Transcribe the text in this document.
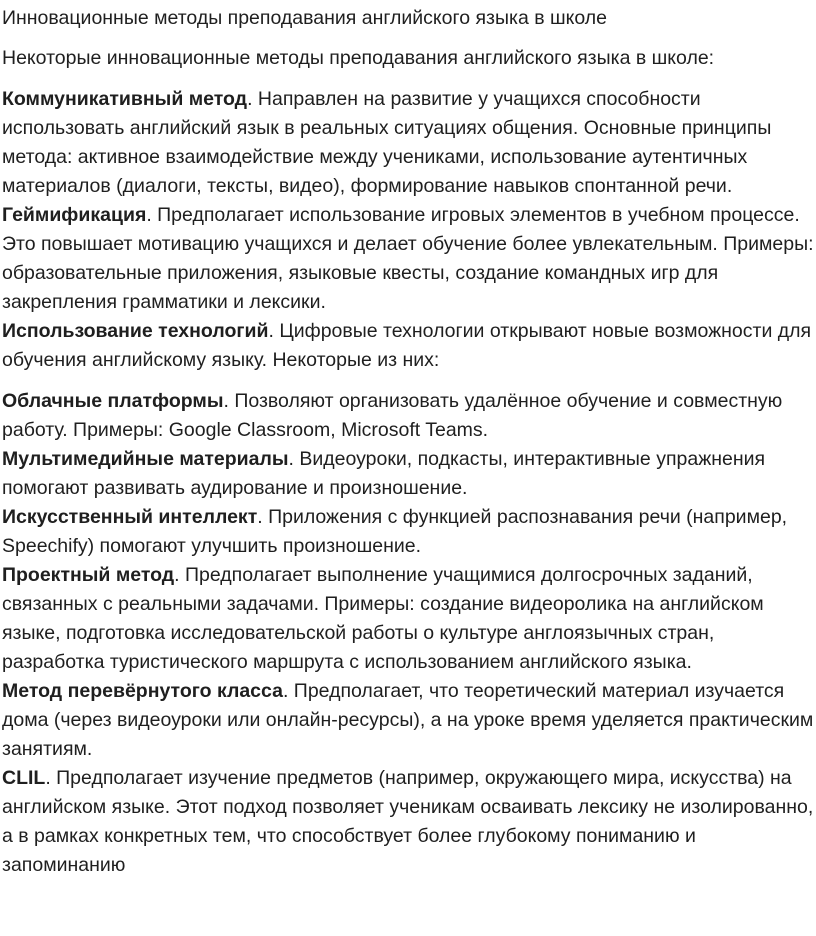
Инновационные методы преподавания английского языка в школе
Некоторые инновационные методы преподавания английского языка в школе:

Коммуникативный метод. Направлен на развитие у учащихся способности использовать английский язык в реальных ситуациях общения. Основные принципы метода: активное взаимодействие между учениками, использование аутентичных материалов (диалоги, тексты, видео), формирование навыков спонтанной речи.

Геймификация. Предполагает использование игровых элементов в учебном процессе. Это повышает мотивацию учащихся и делает обучение более увлекательным. Примеры: образовательные приложения, языковые квесты, создание командных игр для закрепления грамматики и лексики.

Использование технологий. Цифровые технологии открывают новые возможности для обучения английскому языку. Некоторые из них:

Облачные платформы. Позволяют организовать удалённое обучение и совместную работу. Примеры: Google Classroom, Microsoft Teams.

Мультимедийные материалы. Видеоуроки, подкасты, интерактивные упражнения помогают развивать аудирование и произношение.

Искусственный интеллект. Приложения с функцией распознавания речи (например, Speechify) помогают улучшить произношение.

Проектный метод. Предполагает выполнение учащимися долгосрочных заданий, связанных с реальными задачами. Примеры: создание видеоролика на английском языке, подготовка исследовательской работы о культуре англоязычных стран, разработка туристического маршрута с использованием английского языка.

Метод перевёрнутого класса. Предполагает, что теоретический материал изучается дома (через видеоуроки или онлайн-ресурсы), а на уроке время уделяется практическим занятиям.

CLIL. Предполагает изучение предметов (например, окружающего мира, искусства) на английском языке. Этот подход позволяет ученикам осваивать лексику не изолированно, а в рамках конкретных тем, что способствует более глубокому пониманию и запоминанию
